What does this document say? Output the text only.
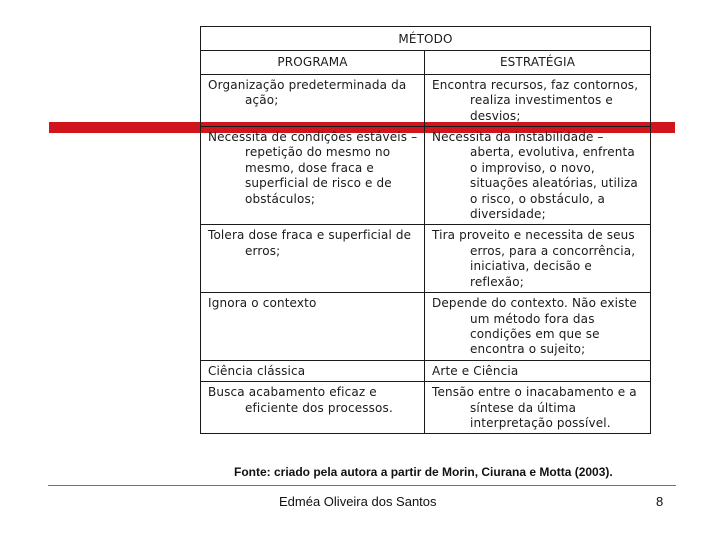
MÉTODO	
PROGRAMA	ESTRATÉGIA

Organização predeterminada da ação;	Encontra recursos, faz contornos, realiza investimentos e desvios;

Necessita de condições estáveis – repetição do mesmo no mesmo, dose fraca e superficial de risco e de obstáculos;	Necessita da instabilidade – aberta, evolutiva, enfrenta o improviso, o novo, situações aleatórias, utiliza o risco, o obstáculo, a diversidade;

Tolera dose fraca e superficial de erros;	Tira proveito e necessita de seus erros, para a concorrência, iniciativa, decisão e reflexão;

Ignora o contexto	Depende do contexto. Não existe um método fora das condições em que se encontra o sujeito;

Ciência clássica	Arte e Ciência

Busca acabamento eficaz e eficiente dos processos.	Tensão entre o inacabamento e a síntese da última interpretação possível.
Fonte: criado pela autora a partir de Morin, Ciurana e Motta (2003).
Edméa Oliveira dos Santos	8
